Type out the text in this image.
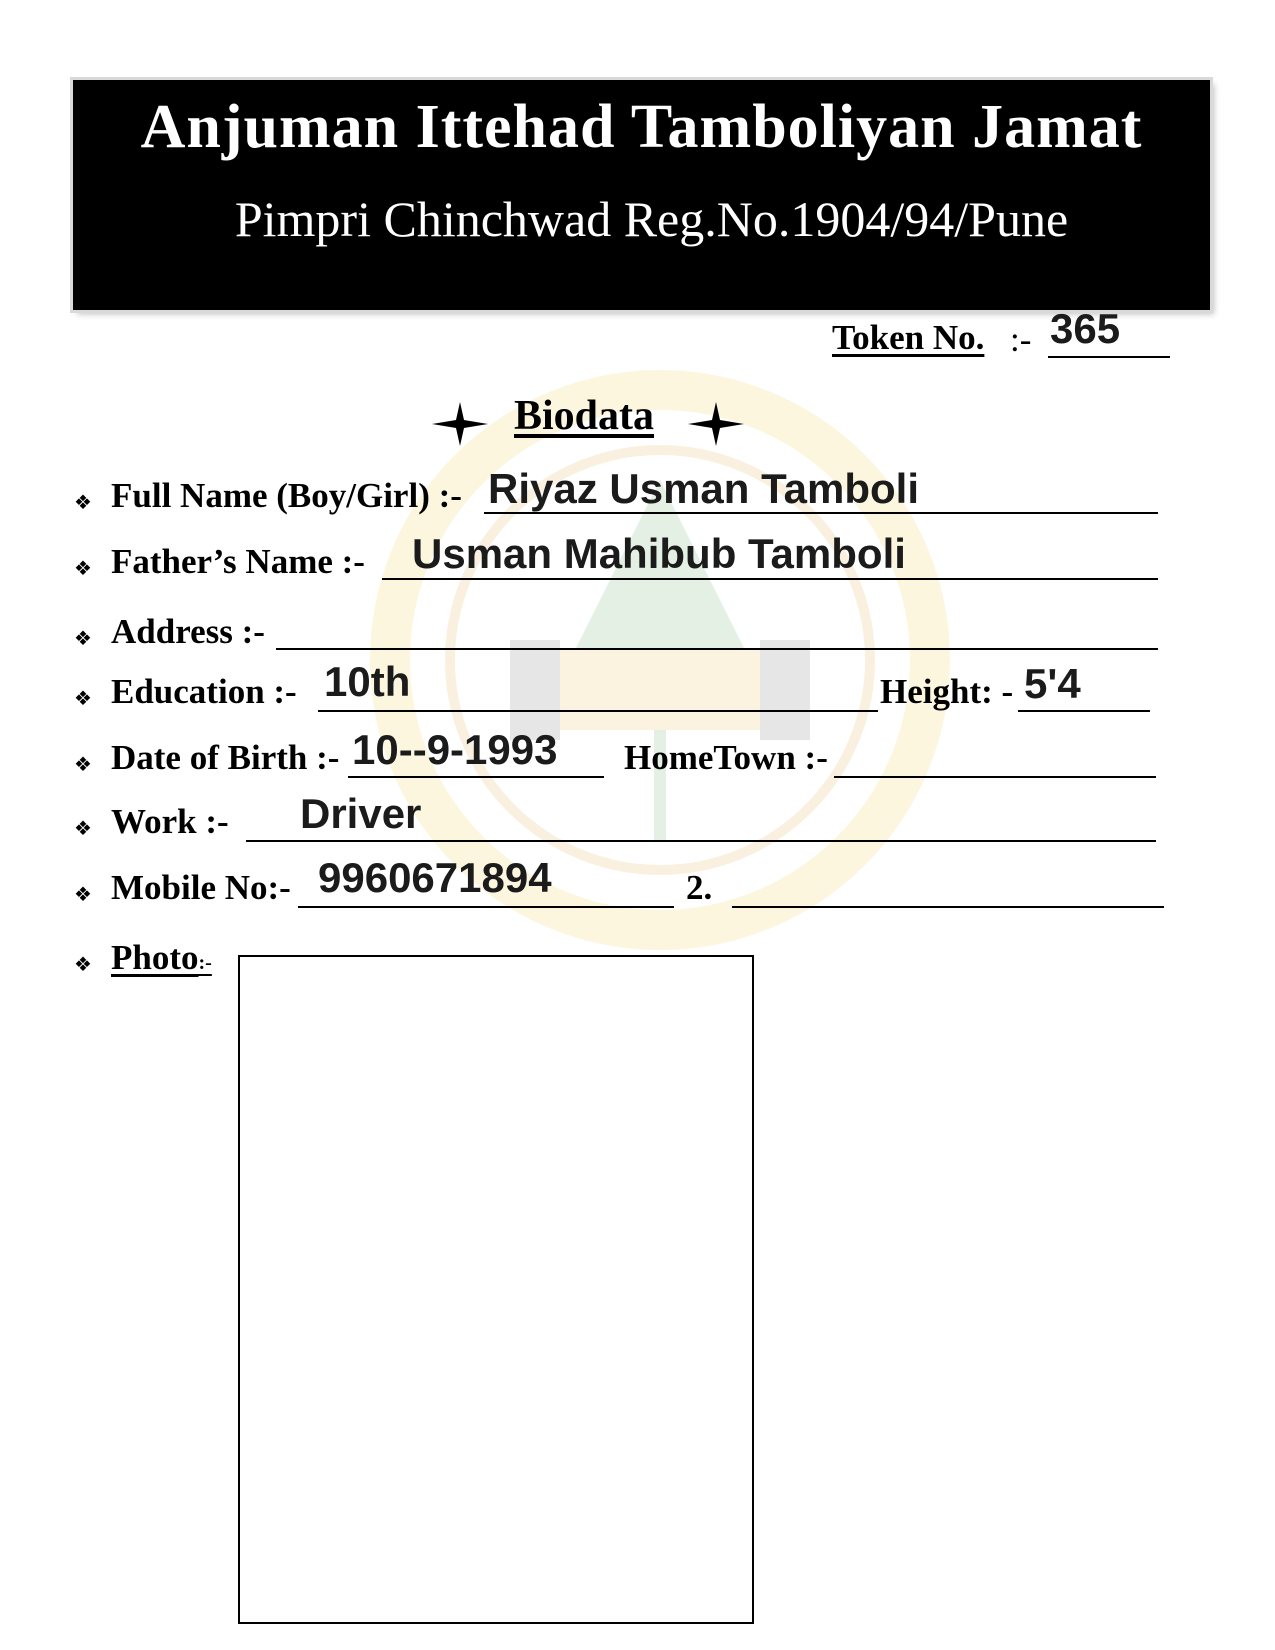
Anjuman Ittehad Tamboliyan Jamat
Pimpri Chinchwad Reg.No.1904/94/Pune
Token No. :- 365
Biodata
❖ Full Name (Boy/Girl) :- Riyaz Usman Tamboli
❖ Father’s Name :- Usman Mahibub Tamboli
❖ Address :-
❖ Education :- 10th	Height: - 5'4
❖ Date of Birth :- 10--9-1993 HomeTown :-
❖ Work :- Driver
❖ Mobile No:- 9960671894	2.
❖ Photo:-
